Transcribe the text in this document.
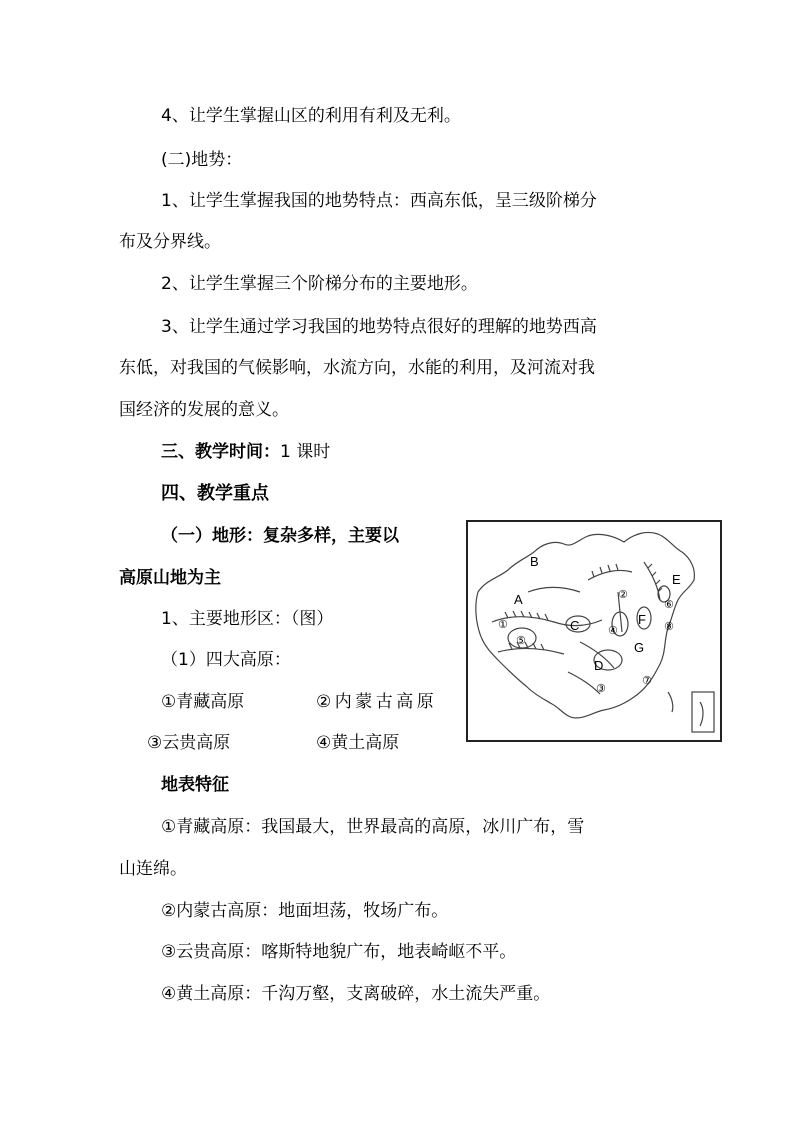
4、让学生掌握山区的利用有利及无利。

(二)地势：

1、让学生掌握我国的地势特点：西高东低，呈三级阶梯分

布及分界线。

2、让学生掌握三个阶梯分布的主要地形。

3、让学生通过学习我国的地势特点很好的理解的地势西高

东低，对我国的气候影响，水流方向，水能的利用，及河流对我

国经济的发展的意义。

三、教学时间：1 课时

四、教学重点

（一）地形：复杂多样，主要以

高原山地为主

1、主要地形区：（图）

（1）四大高原：

①青藏高原	②内蒙古高原

③云贵高原	④黄土高原

地表特征

①青藏高原：我国最大，世界最高的高原，冰川广布，雪

山连绵。

②内蒙古高原：地面坦荡，牧场广布。

③云贵高原：喀斯特地貌广布，地表崎岖不平。

④黄土高原：千沟万壑，支离破碎，水土流失严重。

A
B
C
D
E
F
G
①
②
③
④
⑤
⑥
⑦
⑧
